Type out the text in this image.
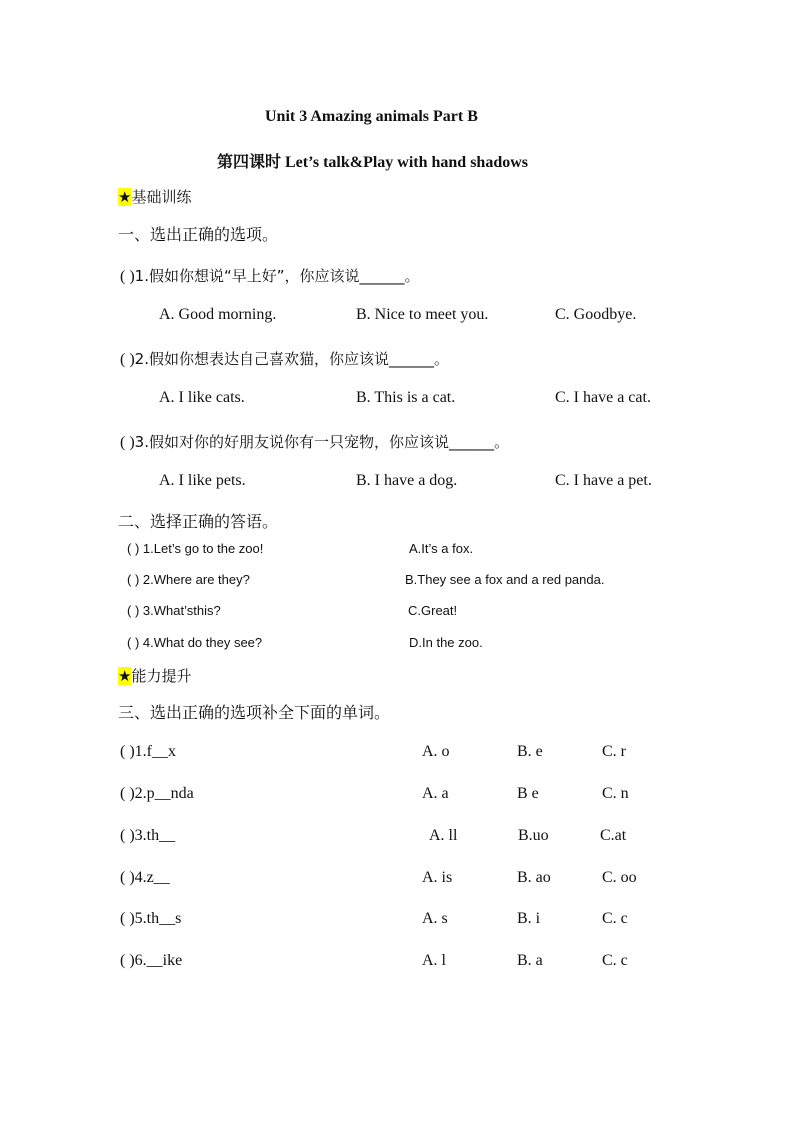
Unit 3 Amazing animals Part B
第四课时 Let’s talk&Play with hand shadows
★基础训练
一、选出正确的选项。
( )1.假如你想说“早上好”，你应该说______。
A. Good morning.	B. Nice to meet you.	C. Goodbye.
( )2.假如你想表达自己喜欢猫，你应该说______。
A. I like cats.	B. This is a cat.	C. I have a cat.
( )3.假如对你的好朋友说你有一只宠物，你应该说______。
A. I like pets.	B. I have a dog.	C. I have a pet.
二、选择正确的答语。
( ) 1.Let’s go to the zoo!	A.It’s a fox.
( ) 2.Where are they?	B.They see a fox and a red panda.
( ) 3.What’sthis?	C.Great!
( ) 4.What do they see?	D.In the zoo.
★能力提升
三、选出正确的选项补全下面的单词。
( )1.f__x	A. o	B. e	C. r
( )2.p__nda	A. a	B e	C. n
( )3.th__	A. ll	B.uo	C.at
( )4.z__	A. is	B. ao	C. oo
( )5.th__s	A. s	B. i	C. c
( )6.__ike	A. l	B. a	C. c
